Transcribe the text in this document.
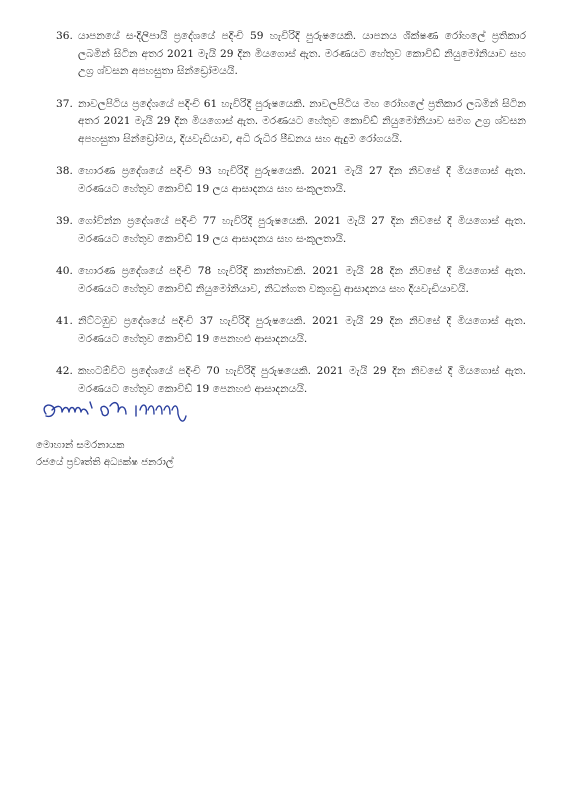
36. යාපනයේ සංදිලිපායි ප්‍රදේශයේ පදිංචි 59 හැවිරිදි පුරුෂයෙකි. යාපනය ශික්ෂණ රෝහලේ ප්‍රතිකාර ලබමින් සිටින අතර 2021 මැයි 29 දින මියගොස් ඇත. මරණයට හේතුව කොවිඩ් නියුමෝනියාව සහ උග්‍ර ශ්වසන අපහසුතා සින්ඩ්‍රෝමයයි.
37. නාවලපිටිය ප්‍රදේශයේ පදිංචි 61 හැවිරිදි පුරුෂයෙකි. නාවලපිටිය මහ රෝහලේ ප්‍රතිකාර ලබමින් සිටින අතර 2021 මැයි 29 දින මියගොස් ඇත. මරණයට හේතුව කොවිඩ් නියුමෝනියාව සමග උග්‍ර ශ්වසන අපහසුතා සින්ඩ්‍රෝමය, දියවැඩියාව, අධි රුධිර පීඩනය සහ ඇදුම රෝගයයි.
38. හොරණ ප්‍රදේශයේ පදිංචි 93 හැවිරිදි පුරුෂයෙකි. 2021 මැයි 27 දින නිවසේ දී මියගොස් ඇත. මරණයට හේතුව කොවිඩ් 19 ලය ආසාදනය සහ සංකූලතායි.
39. ගෝවින්න ප්‍රදේශයේ පදිංචි 77 හැවිරිදි පුරුෂයෙකි. 2021 මැයි 27 දින නිවසේ දී මියගොස් ඇත. මරණයට හේතුව කොවිඩ් 19 ලය ආසාදනය සහ සංකූලතායි.
40. හොරණ ප්‍රදේශයේ පදිංචි 78 හැවිරිදි කාන්තාවකි. 2021 මැයි 28 දින නිවසේ දී මියගොස් ඇත. මරණයට හේතුව කොවිඩ් නියුමෝනියාව, නිධන්ගත වකුගඩු ආසාදනය සහ දියවැඩියාවයි.
41. නිට්ටඹුව ප්‍රදේශයේ පදිංචි 37 හැවිරිදි පුරුෂයෙකි. 2021 මැයි 29 දින නිවසේ දී මියගොස් ඇත. මරණයට හේතුව කොවිඩ් 19 පෙනහළු ආසාදනයයි.
42. කහටඕවිට ප්‍රදේශයේ පදිංචි 70 හැවිරිදි පුරුෂයෙකි. 2021 මැයි 29 දින නිවසේ දී මියගොස් ඇත. මරණයට හේතුව කොවිඩ් 19 පෙනහළු ආසාදනයයි.
මොහාන් සමරනායක
රජයේ ප්‍රවෘත්ති අධ්‍යක්ෂ ජනරාල්
